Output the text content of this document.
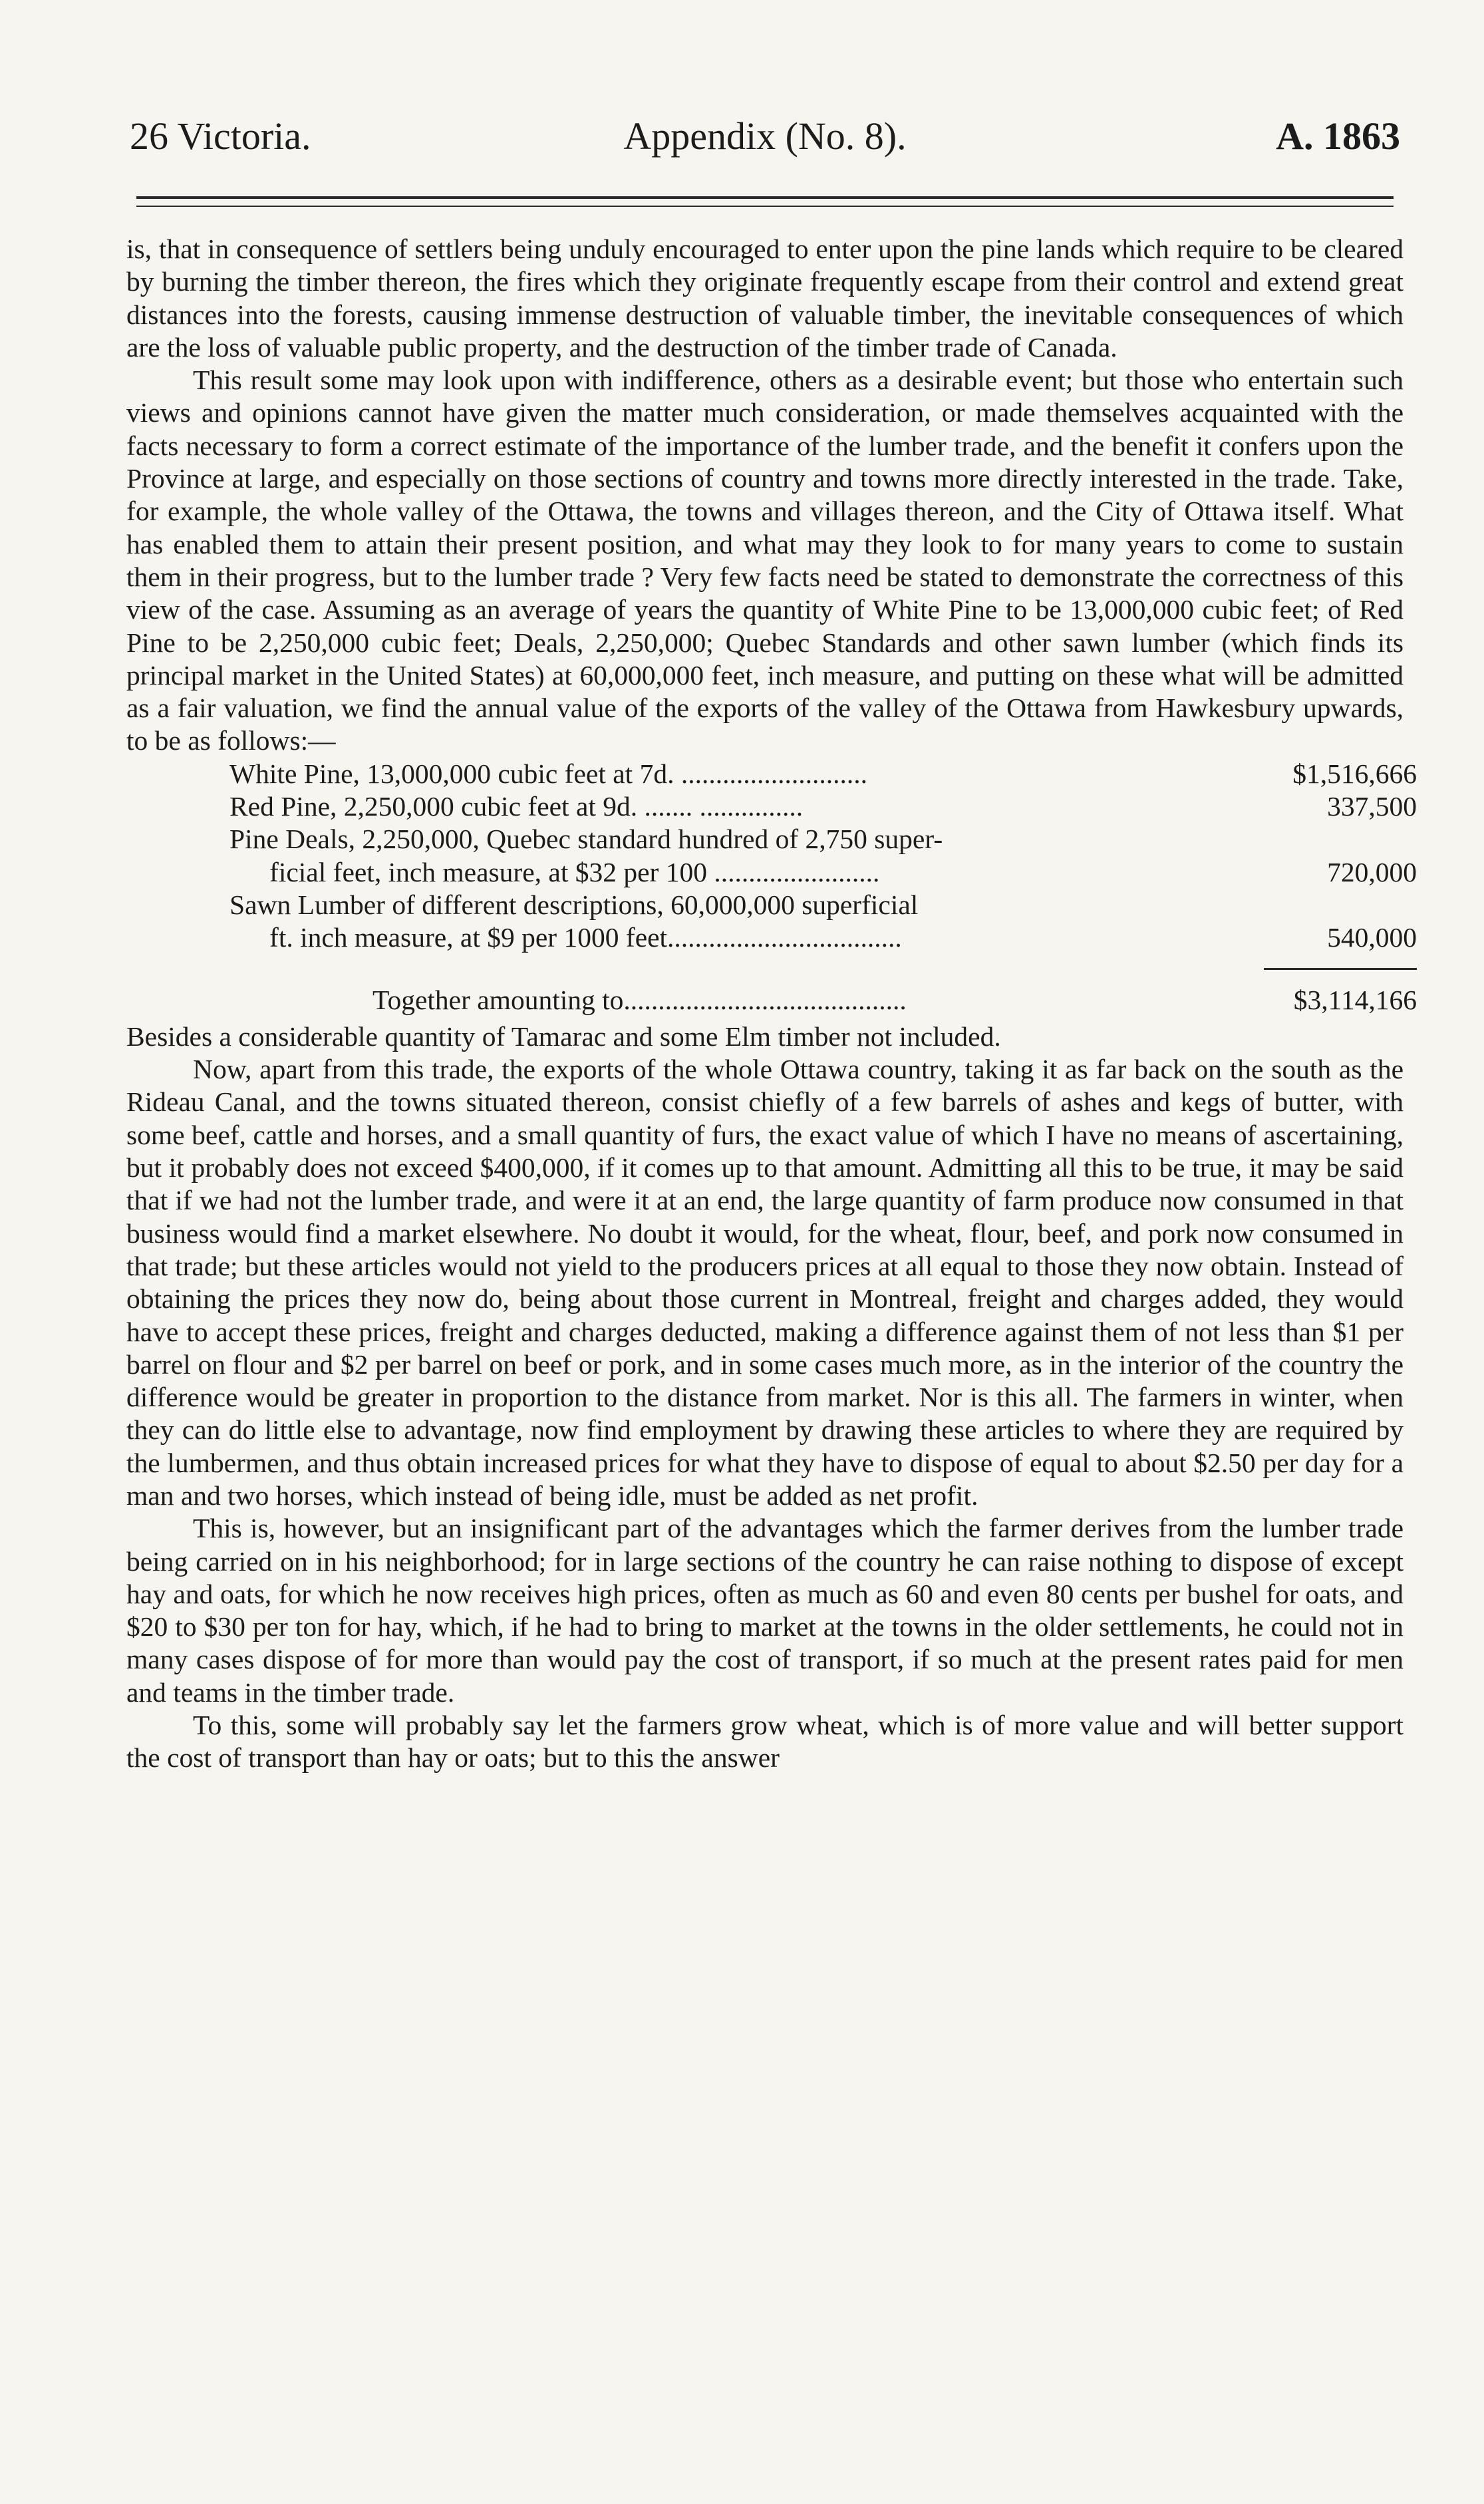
26 Victoria.	Appendix (No. 8).	A. 1863

is, that in consequence of settlers being unduly encouraged to enter upon the pine lands which require to be cleared by burning the timber thereon, the fires which they originate frequently escape from their control and extend great distances into the forests, causing immense destruction of valuable timber, the inevitable consequences of which are the loss of valuable public property, and the destruction of the timber trade of Canada.

This result some may look upon with indifference, others as a desirable event; but those who entertain such views and opinions cannot have given the matter much consideration, or made themselves acquainted with the facts necessary to form a correct estimate of the importance of the lumber trade, and the benefit it confers upon the Province at large, and especially on those sections of country and towns more directly interested in the trade. Take, for example, the whole valley of the Ottawa, the towns and villages thereon, and the City of Ottawa itself. What has enabled them to attain their present position, and what may they look to for many years to come to sustain them in their progress, but to the lumber trade ? Very few facts need be stated to demonstrate the correctness of this view of the case. Assuming as an average of years the quantity of White Pine to be 13,000,000 cubic feet; of Red Pine to be 2,250,000 cubic feet; Deals, 2,250,000; Quebec Standards and other sawn lumber (which finds its principal market in the United States) at 60,000,000 feet, inch measure, and putting on these what will be admitted as a fair valuation, we find the annual value of the exports of the valley of the Ottawa from Hawkesbury upwards, to be as follows:—

White Pine, 13,000,000 cubic feet at 7d. ...........................	$1,516,666
Red Pine, 2,250,000 cubic feet at 9d. ....... ...............	337,500
Pine Deals, 2,250,000, Quebec standard hundred of 2,750 super-
ficial feet, inch measure, at $32 per 100 ........................	720,000
Sawn Lumber of different descriptions, 60,000,000 superficial
ft. inch measure, at $9 per 1000 feet..................................	540,000
Together amounting to.........................................	$3,114,166

Besides a considerable quantity of Tamarac and some Elm timber not included.

Now, apart from this trade, the exports of the whole Ottawa country, taking it as far back on the south as the Rideau Canal, and the towns situated thereon, consist chiefly of a few barrels of ashes and kegs of butter, with some beef, cattle and horses, and a small quantity of furs, the exact value of which I have no means of ascertaining, but it probably does not exceed $400,000, if it comes up to that amount. Admitting all this to be true, it may be said that if we had not the lumber trade, and were it at an end, the large quantity of farm produce now consumed in that business would find a market elsewhere. No doubt it would, for the wheat, flour, beef, and pork now consumed in that trade; but these articles would not yield to the producers prices at all equal to those they now obtain. Instead of obtaining the prices they now do, being about those current in Montreal, freight and charges added, they would have to accept these prices, freight and charges deducted, making a difference against them of not less than $1 per barrel on flour and $2 per barrel on beef or pork, and in some cases much more, as in the interior of the country the difference would be greater in proportion to the distance from market. Nor is this all. The farmers in winter, when they can do little else to advantage, now find employment by drawing these articles to where they are required by the lumbermen, and thus obtain increased prices for what they have to dispose of equal to about $2.50 per day for a man and two horses, which instead of being idle, must be added as net profit.

This is, however, but an insignificant part of the advantages which the farmer derives from the lumber trade being carried on in his neighborhood; for in large sections of the country he can raise nothing to dispose of except hay and oats, for which he now receives high prices, often as much as 60 and even 80 cents per bushel for oats, and $20 to $30 per ton for hay, which, if he had to bring to market at the towns in the older settlements, he could not in many cases dispose of for more than would pay the cost of transport, if so much at the present rates paid for men and teams in the timber trade.

To this, some will probably say let the farmers grow wheat, which is of more value and will better support the cost of transport than hay or oats; but to this the answer
